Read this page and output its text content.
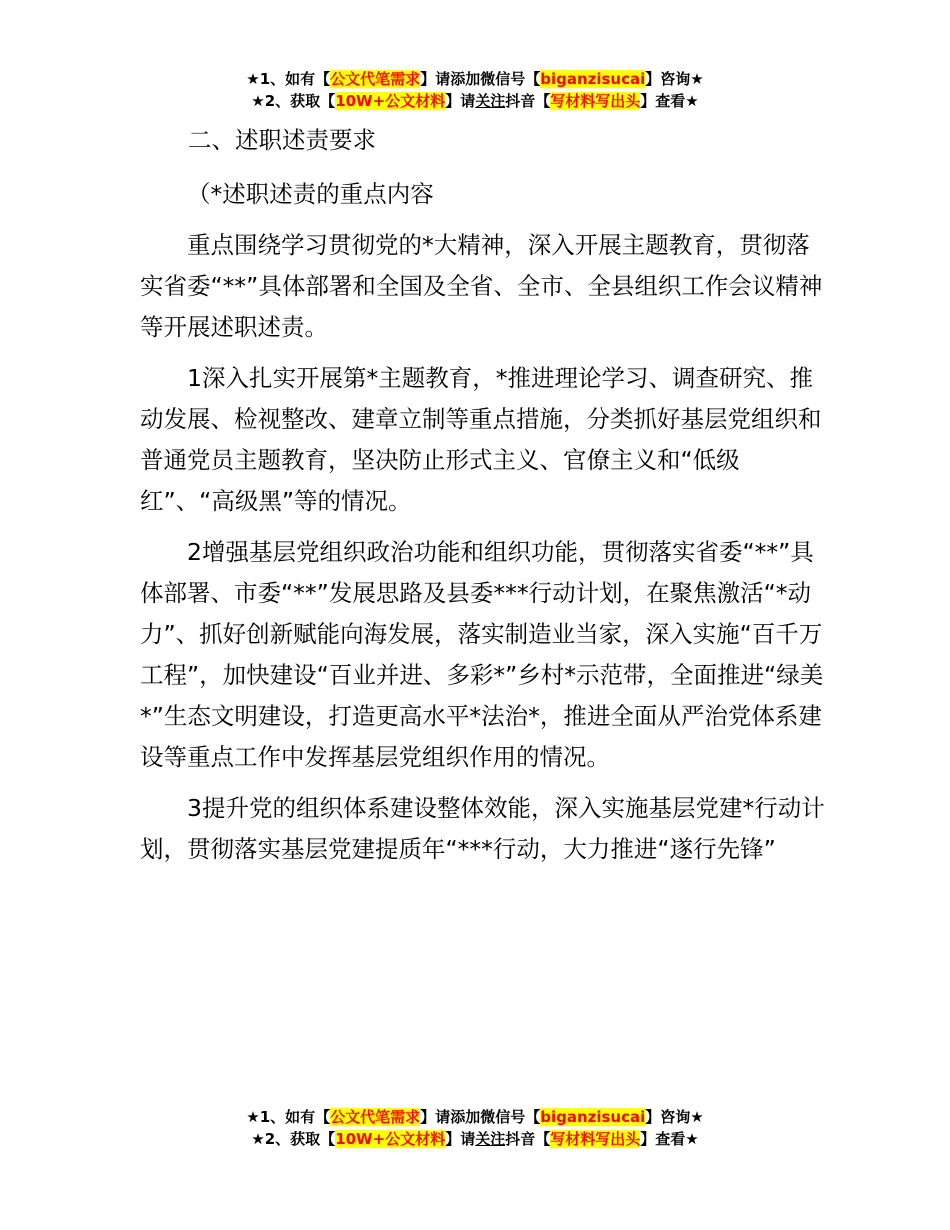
★1、如有【公文代笔需求】请添加微信号【biganzisucai】咨询★
★2、获取【10W+公文材料】请关注抖音【写材料写出头】查看★

二、述职述责要求

（*述职述责的重点内容

重点围绕学习贯彻党的*大精神，深入开展主题教育，贯彻落实省委“**”具体部署和全国及全省、全市、全县组织工作会议精神等开展述职述责。

1深入扎实开展第*主题教育，*推进理论学习、调查研究、推动发展、检视整改、建章立制等重点措施，分类抓好基层党组织和普通党员主题教育，坚决防止形式主义、官僚主义和“低级红”、“高级黑”等的情况。

2增强基层党组织政治功能和组织功能，贯彻落实省委“**”具体部署、市委“**”发展思路及县委***行动计划，在聚焦激活“*动力”、抓好创新赋能向海发展，落实制造业当家，深入实施“百千万工程”，加快建设“百业并进、多彩*”乡村*示范带，全面推进“绿美*”生态文明建设，打造更高水平*法治*，推进全面从严治党体系建设等重点工作中发挥基层党组织作用的情况。

3提升党的组织体系建设整体效能，深入实施基层党建*行动计划，贯彻落实基层党建提质年“***行动，大力推进“遂行先锋”

★1、如有【公文代笔需求】请添加微信号【biganzisucai】咨询★
★2、获取【10W+公文材料】请关注抖音【写材料写出头】查看★
